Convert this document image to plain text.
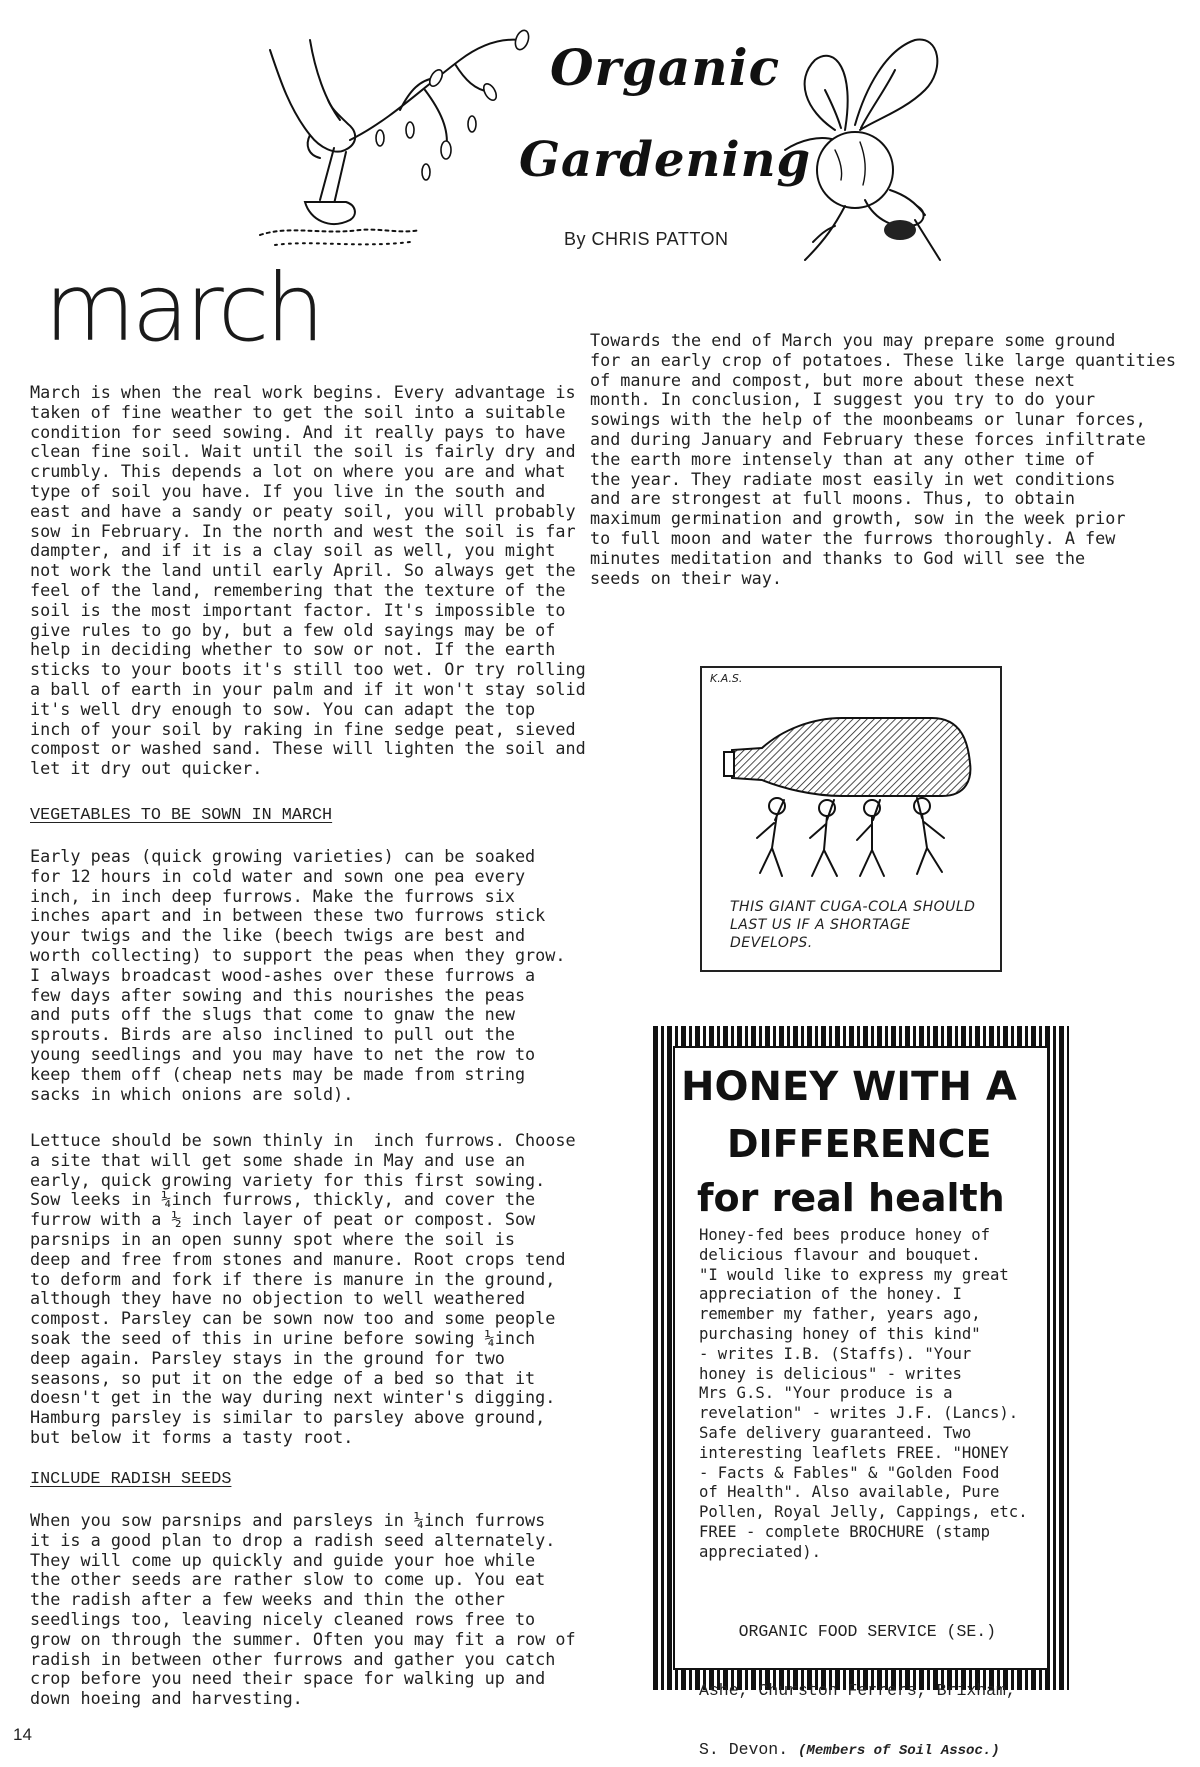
Organic
Gardening
By CHRIS PATTON
march
March is when the real work begins. Every advantage is
taken of fine weather to get the soil into a suitable
condition for seed sowing. And it really pays to have
clean fine soil. Wait until the soil is fairly dry and
crumbly. This depends a lot on where you are and what
type of soil you have. If you live in the south and
east and have a sandy or peaty soil, you will probably
sow in February. In the north and west the soil is far
dampter, and if it is a clay soil as well, you might
not work the land until early April. So always get the
feel of the land, remembering that the texture of the
soil is the most important factor. It's impossible to
give rules to go by, but a few old sayings may be of
help in deciding whether to sow or not. If the earth
sticks to your boots it's still too wet. Or try rolling
a ball of earth in your palm and if it won't stay solid
it's well dry enough to sow. You can adapt the top
inch of your soil by raking in fine sedge peat, sieved
compost or washed sand. These will lighten the soil and
let it dry out quicker.
VEGETABLES TO BE SOWN IN MARCH
Early peas (quick growing varieties) can be soaked
for 12 hours in cold water and sown one pea every
inch, in inch deep furrows. Make the furrows six
inches apart and in between these two furrows stick
your twigs and the like (beech twigs are best and
worth collecting) to support the peas when they grow.
I always broadcast wood-ashes over these furrows a
few days after sowing and this nourishes the peas
and puts off the slugs that come to gnaw the new
sprouts. Birds are also inclined to pull out the
young seedlings and you may have to net the row to
keep them off (cheap nets may be made from string
sacks in which onions are sold).
Lettuce should be sown thinly in  inch furrows. Choose
a site that will get some shade in May and use an
early, quick growing variety for this first sowing.
Sow leeks in ¼inch furrows, thickly, and cover the
furrow with a ½ inch layer of peat or compost. Sow
parsnips in an open sunny spot where the soil is
deep and free from stones and manure. Root crops tend
to deform and fork if there is manure in the ground,
although they have no objection to well weathered
compost. Parsley can be sown now too and some people
soak the seed of this in urine before sowing ¼inch
deep again. Parsley stays in the ground for two
seasons, so put it on the edge of a bed so that it
doesn't get in the way during next winter's digging.
Hamburg parsley is similar to parsley above ground,
but below it forms a tasty root.
INCLUDE RADISH SEEDS
When you sow parsnips and parsleys in ¼inch furrows
it is a good plan to drop a radish seed alternately.
They will come up quickly and guide your hoe while
the other seeds are rather slow to come up. You eat
the radish after a few weeks and thin the other
seedlings too, leaving nicely cleaned rows free to
grow on through the summer. Often you may fit a row of
radish in between other furrows and gather you catch
crop before you need their space for walking up and
down hoeing and harvesting.
14
Towards the end of March you may prepare some ground
for an early crop of potatoes. These like large quantities
of manure and compost, but more about these next
month. In conclusion, I suggest you try to do your
sowings with the help of the moonbeams or lunar forces,
and during January and February these forces infiltrate
the earth more intensely than at any other time of
the year. They radiate most easily in wet conditions
and are strongest at full moons. Thus, to obtain
maximum germination and growth, sow in the week prior
to full moon and water the furrows thoroughly. A few
minutes meditation and thanks to God will see the
seeds on their way.
K.A.S.
THIS GIANT CUGA-COLA SHOULD LAST US IF A SHORTAGE DEVELOPS.
HONEY WITH A
DIFFERENCE
for real health
Honey-fed bees produce honey of
delicious flavour and bouquet.
"I would like to express my great
appreciation of the honey. I
remember my father, years ago,
purchasing honey of this kind"
- writes I.B. (Staffs). "Your
honey is delicious" - writes
Mrs G.S. "Your produce is a
revelation" - writes J.F. (Lancs).
Safe delivery guaranteed. Two
interesting leaflets FREE. "HONEY
- Facts & Fables" & "Golden Food
of Health". Also available, Pure
Pollen, Royal Jelly, Cappings, etc.
FREE - complete BROCHURE (stamp
appreciated).

ORGANIC FOOD SERVICE (SE.)

Ashe, Churston Ferrers, Brixham,

S. Devon. (Members of Soil Assoc.)
